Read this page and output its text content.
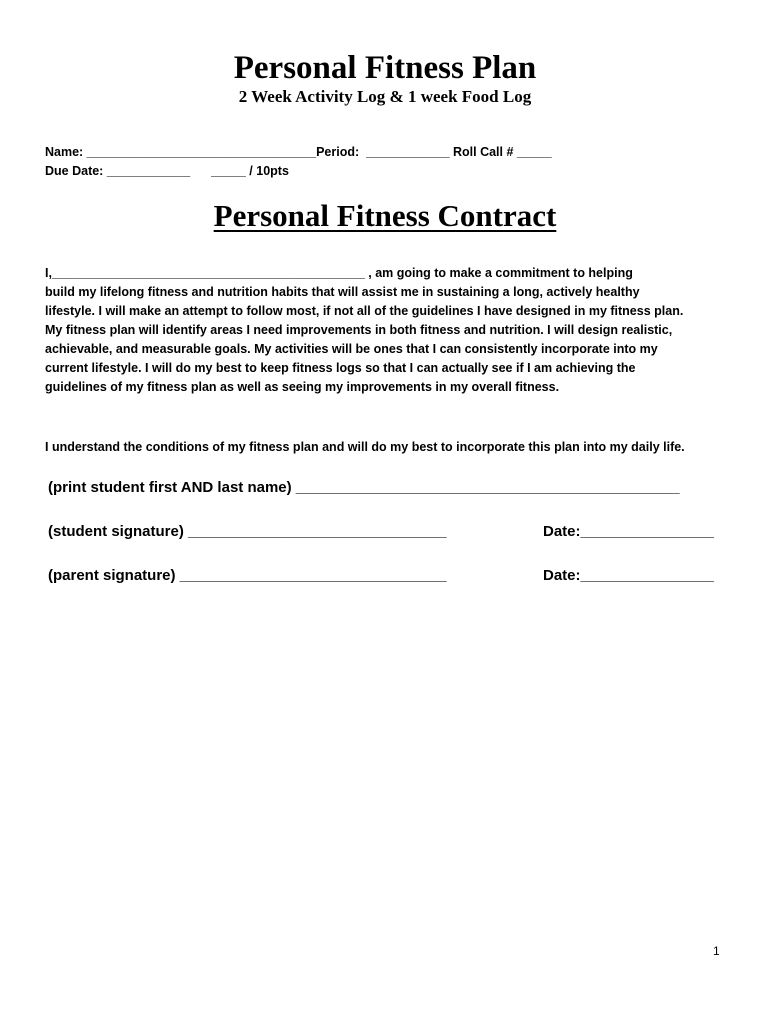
Personal Fitness Plan
2 Week Activity Log & 1 week Food Log
Name: _________________________________Period:  ____________ Roll Call # _____
Due Date: ____________      _____ / 10pts
Personal Fitness Contract
I,_____________________________________________ , am going to make a commitment to helping
build my lifelong fitness and nutrition habits that will assist me in sustaining a long, actively healthy
lifestyle. I will make an attempt to follow most, if not all of the guidelines I have designed in my fitness plan.
My fitness plan will identify areas I need improvements in both fitness and nutrition. I will design realistic,
achievable, and measurable goals. My activities will be ones that I can consistently incorporate into my
current lifestyle. I will do my best to keep fitness logs so that I can actually see if I am achieving the
guidelines of my fitness plan as well as seeing my improvements in my overall fitness.
I understand the conditions of my fitness plan and will do my best to incorporate this plan into my daily life.
(print student first AND last name) ______________________________________________
(student signature) _______________________________	Date:________________
(parent signature) ________________________________	Date:________________
1
